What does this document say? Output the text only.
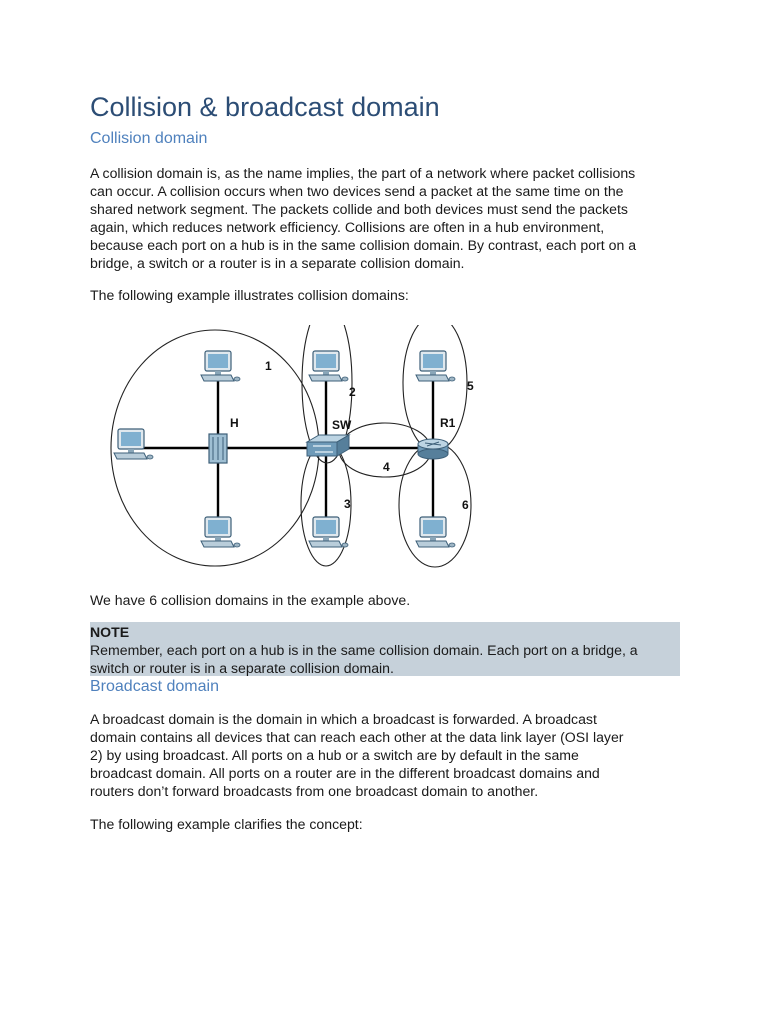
Collision & broadcast domain
Collision domain

A collision domain is, as the name implies, the part of a network where packet collisions
can occur. A collision occurs when two devices send a packet at the same time on the
shared network segment. The packets collide and both devices must send the packets
again, which reduces network efficiency. Collisions are often in a hub environment,
because each port on a hub is in the same collision domain. By contrast, each port on a
bridge, a switch or a router is in a separate collision domain.

The following example illustrates collision domains:

We have 6 collision domains in the example above.

NOTE
Remember, each port on a hub is in the same collision domain. Each port on a bridge, a
switch or router is in a separate collision domain.

Broadcast domain

A broadcast domain is the domain in which a broadcast is forwarded. A broadcast
domain contains all devices that can reach each other at the data link layer (OSI layer
2) by using broadcast. All ports on a hub or a switch are by default in the same
broadcast domain. All ports on a router are in the different broadcast domains and
routers don’t forward broadcasts from one broadcast domain to another.

The following example clarifies the concept:

H	SW	R1
1
2
3
4
5
6
